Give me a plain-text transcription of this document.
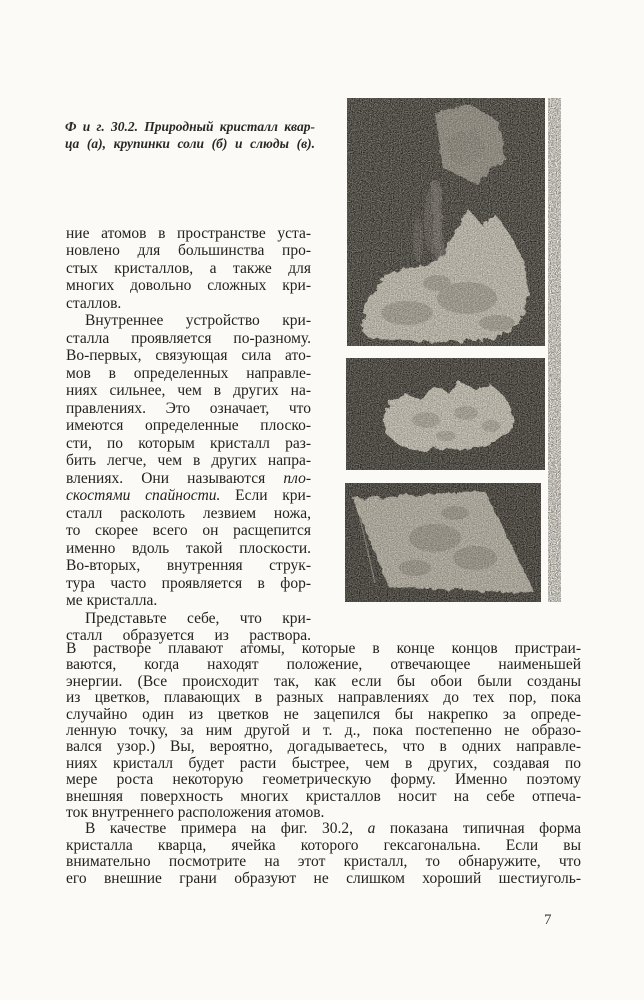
Ф и г. 30.2. Природный кристалл квар-
ца (а), крупинки соли (б) и слюды (в).
ние атомов в пространстве уста-
новлено для большинства про-
стых кристаллов, а также для
многих довольно сложных кри-
сталлов.
Внутреннее устройство кри-
сталла проявляется по-разному.
Во-первых, связующая сила ато-
мов в определенных направле-
ниях сильнее, чем в других на-
правлениях. Это означает, что
имеются определенные плоско-
сти, по которым кристалл раз-
бить легче, чем в других напра-
влениях. Они называются пло-
скостями спайности. Если кри-
сталл расколоть лезвием ножа,
то скорее всего он расщепится
именно вдоль такой плоскости.
Во-вторых, внутренняя струк-
тура часто проявляется в фор-
ме кристалла.
Представьте себе, что кри-
сталл образуется из раствора.
В растворе плавают атомы, которые в конце концов пристраи-
ваются, когда находят положение, отвечающее наименьшей
энергии. (Все происходит так, как если бы обои были созданы
из цветков, плавающих в разных направлениях до тех пор, пока
случайно один из цветков не зацепился бы накрепко за опреде-
ленную точку, за ним другой и т. д., пока постепенно не образо-
вался узор.) Вы, вероятно, догадываетесь, что в одних направле-
ниях кристалл будет расти быстрее, чем в других, создавая по
мере роста некоторую геометрическую форму. Именно поэтому
внешняя поверхность многих кристаллов носит на себе отпеча-
ток внутреннего расположения атомов.
В качестве примера на фиг. 30.2, а показана типичная форма
кристалла кварца, ячейка которого гексагональна. Если вы
внимательно посмотрите на этот кристалл, то обнаружите, что
его внешние грани образуют не слишком хороший шестиуголь-
7
